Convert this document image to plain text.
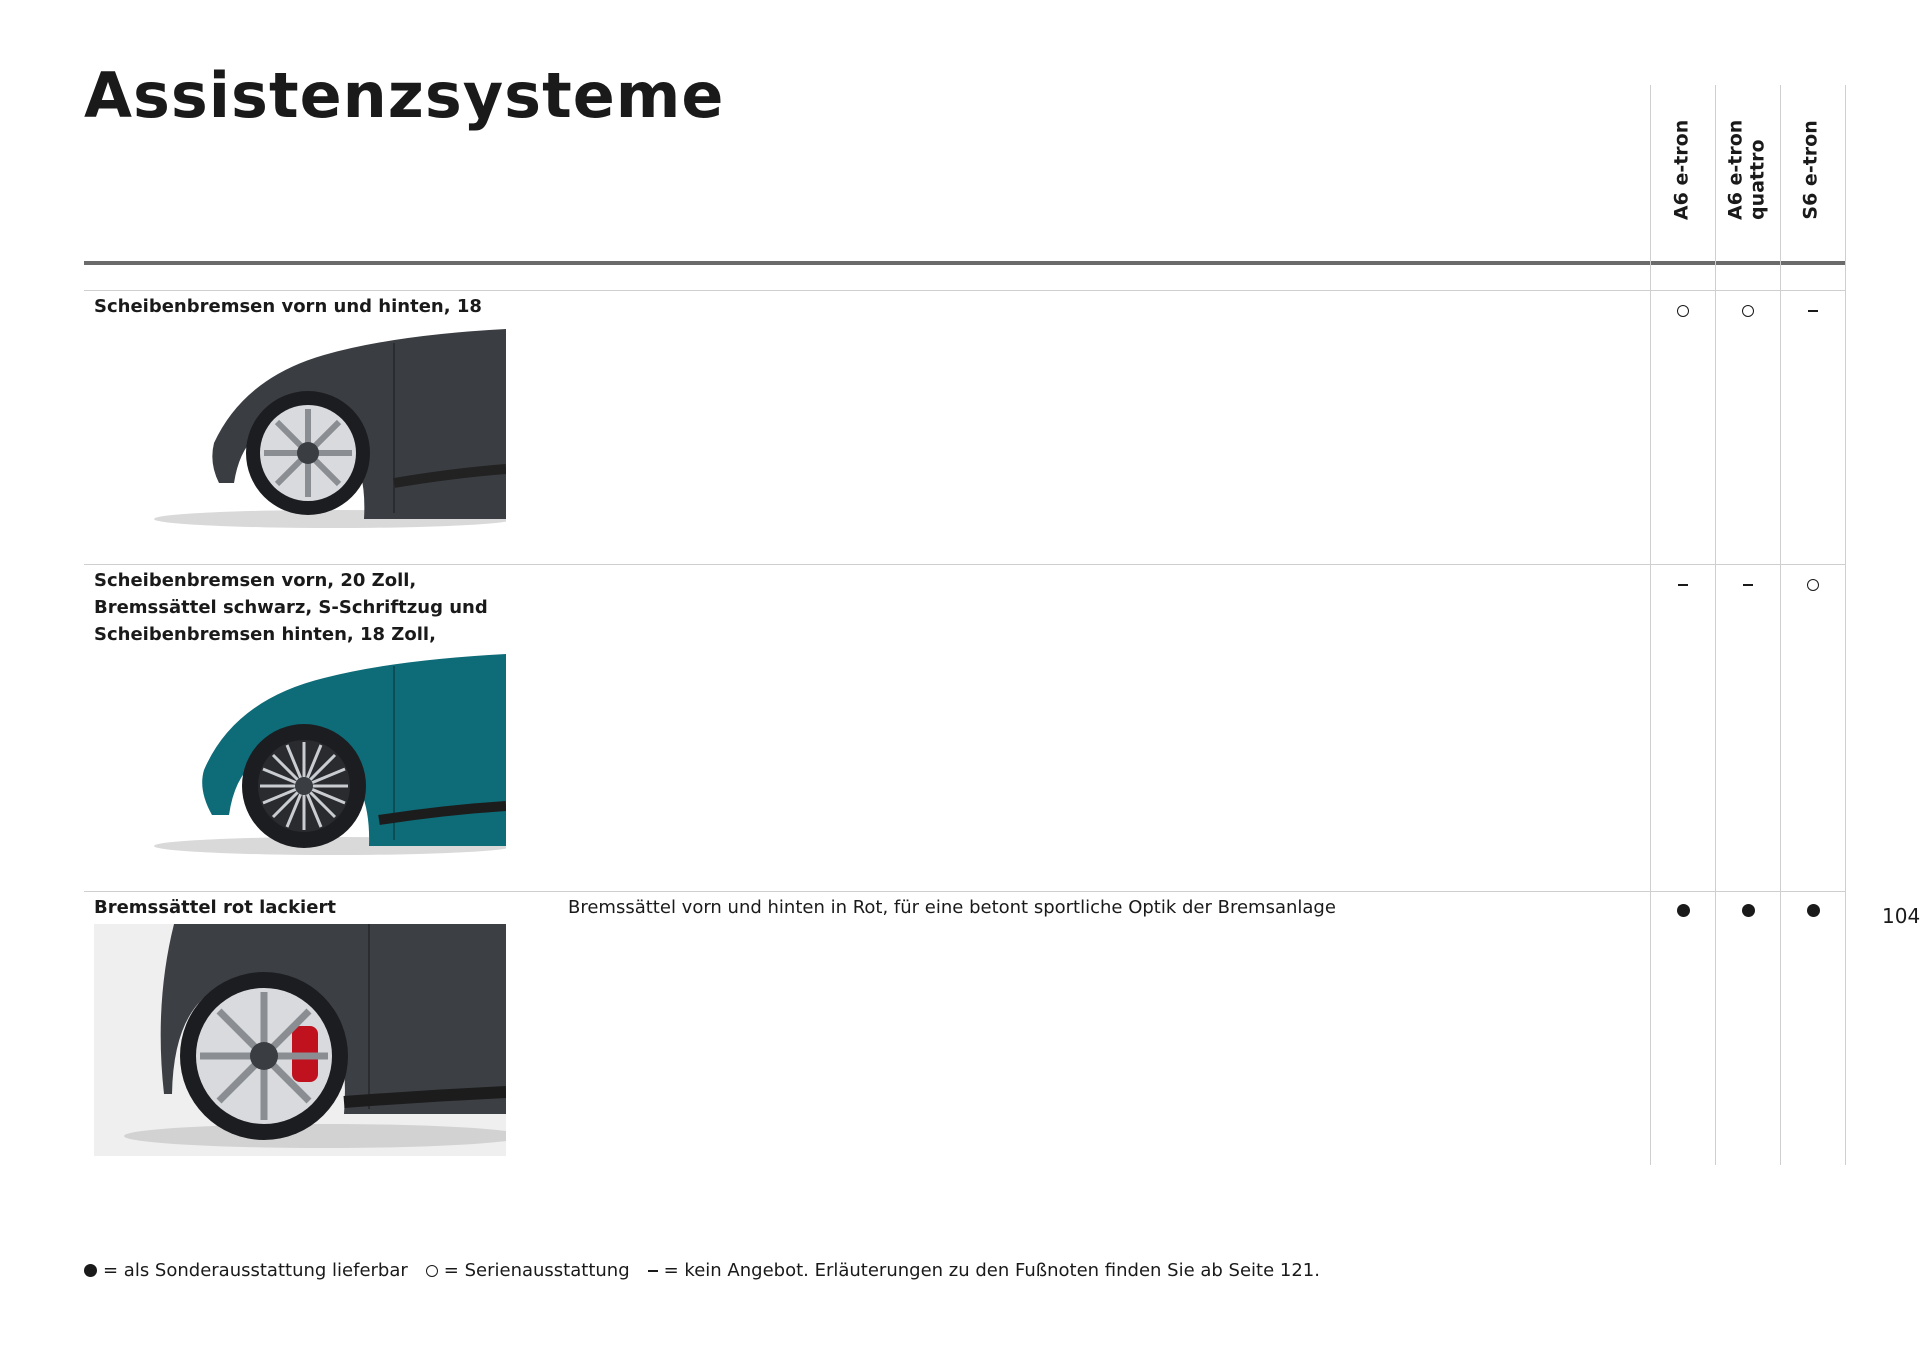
Assistenzsysteme
A6 e-tron A6 e-tron
quattro S6 e-tron
Scheibenbremsen vorn und hinten, 18
Scheibenbremsen vorn, 20 Zoll, Bremssättel schwarz, S-Schriftzug und Scheibenbremsen hinten, 18 Zoll,
Bremssättel rot lackiert	Bremssättel vorn und hinten in Rot, für eine betont sportliche Optik der Bremsanlage	104
= als Sonderausstattung lieferbar = Serienausstattung = kein Angebot. Erläuterungen zu den Fußnoten finden Sie ab Seite 121.
